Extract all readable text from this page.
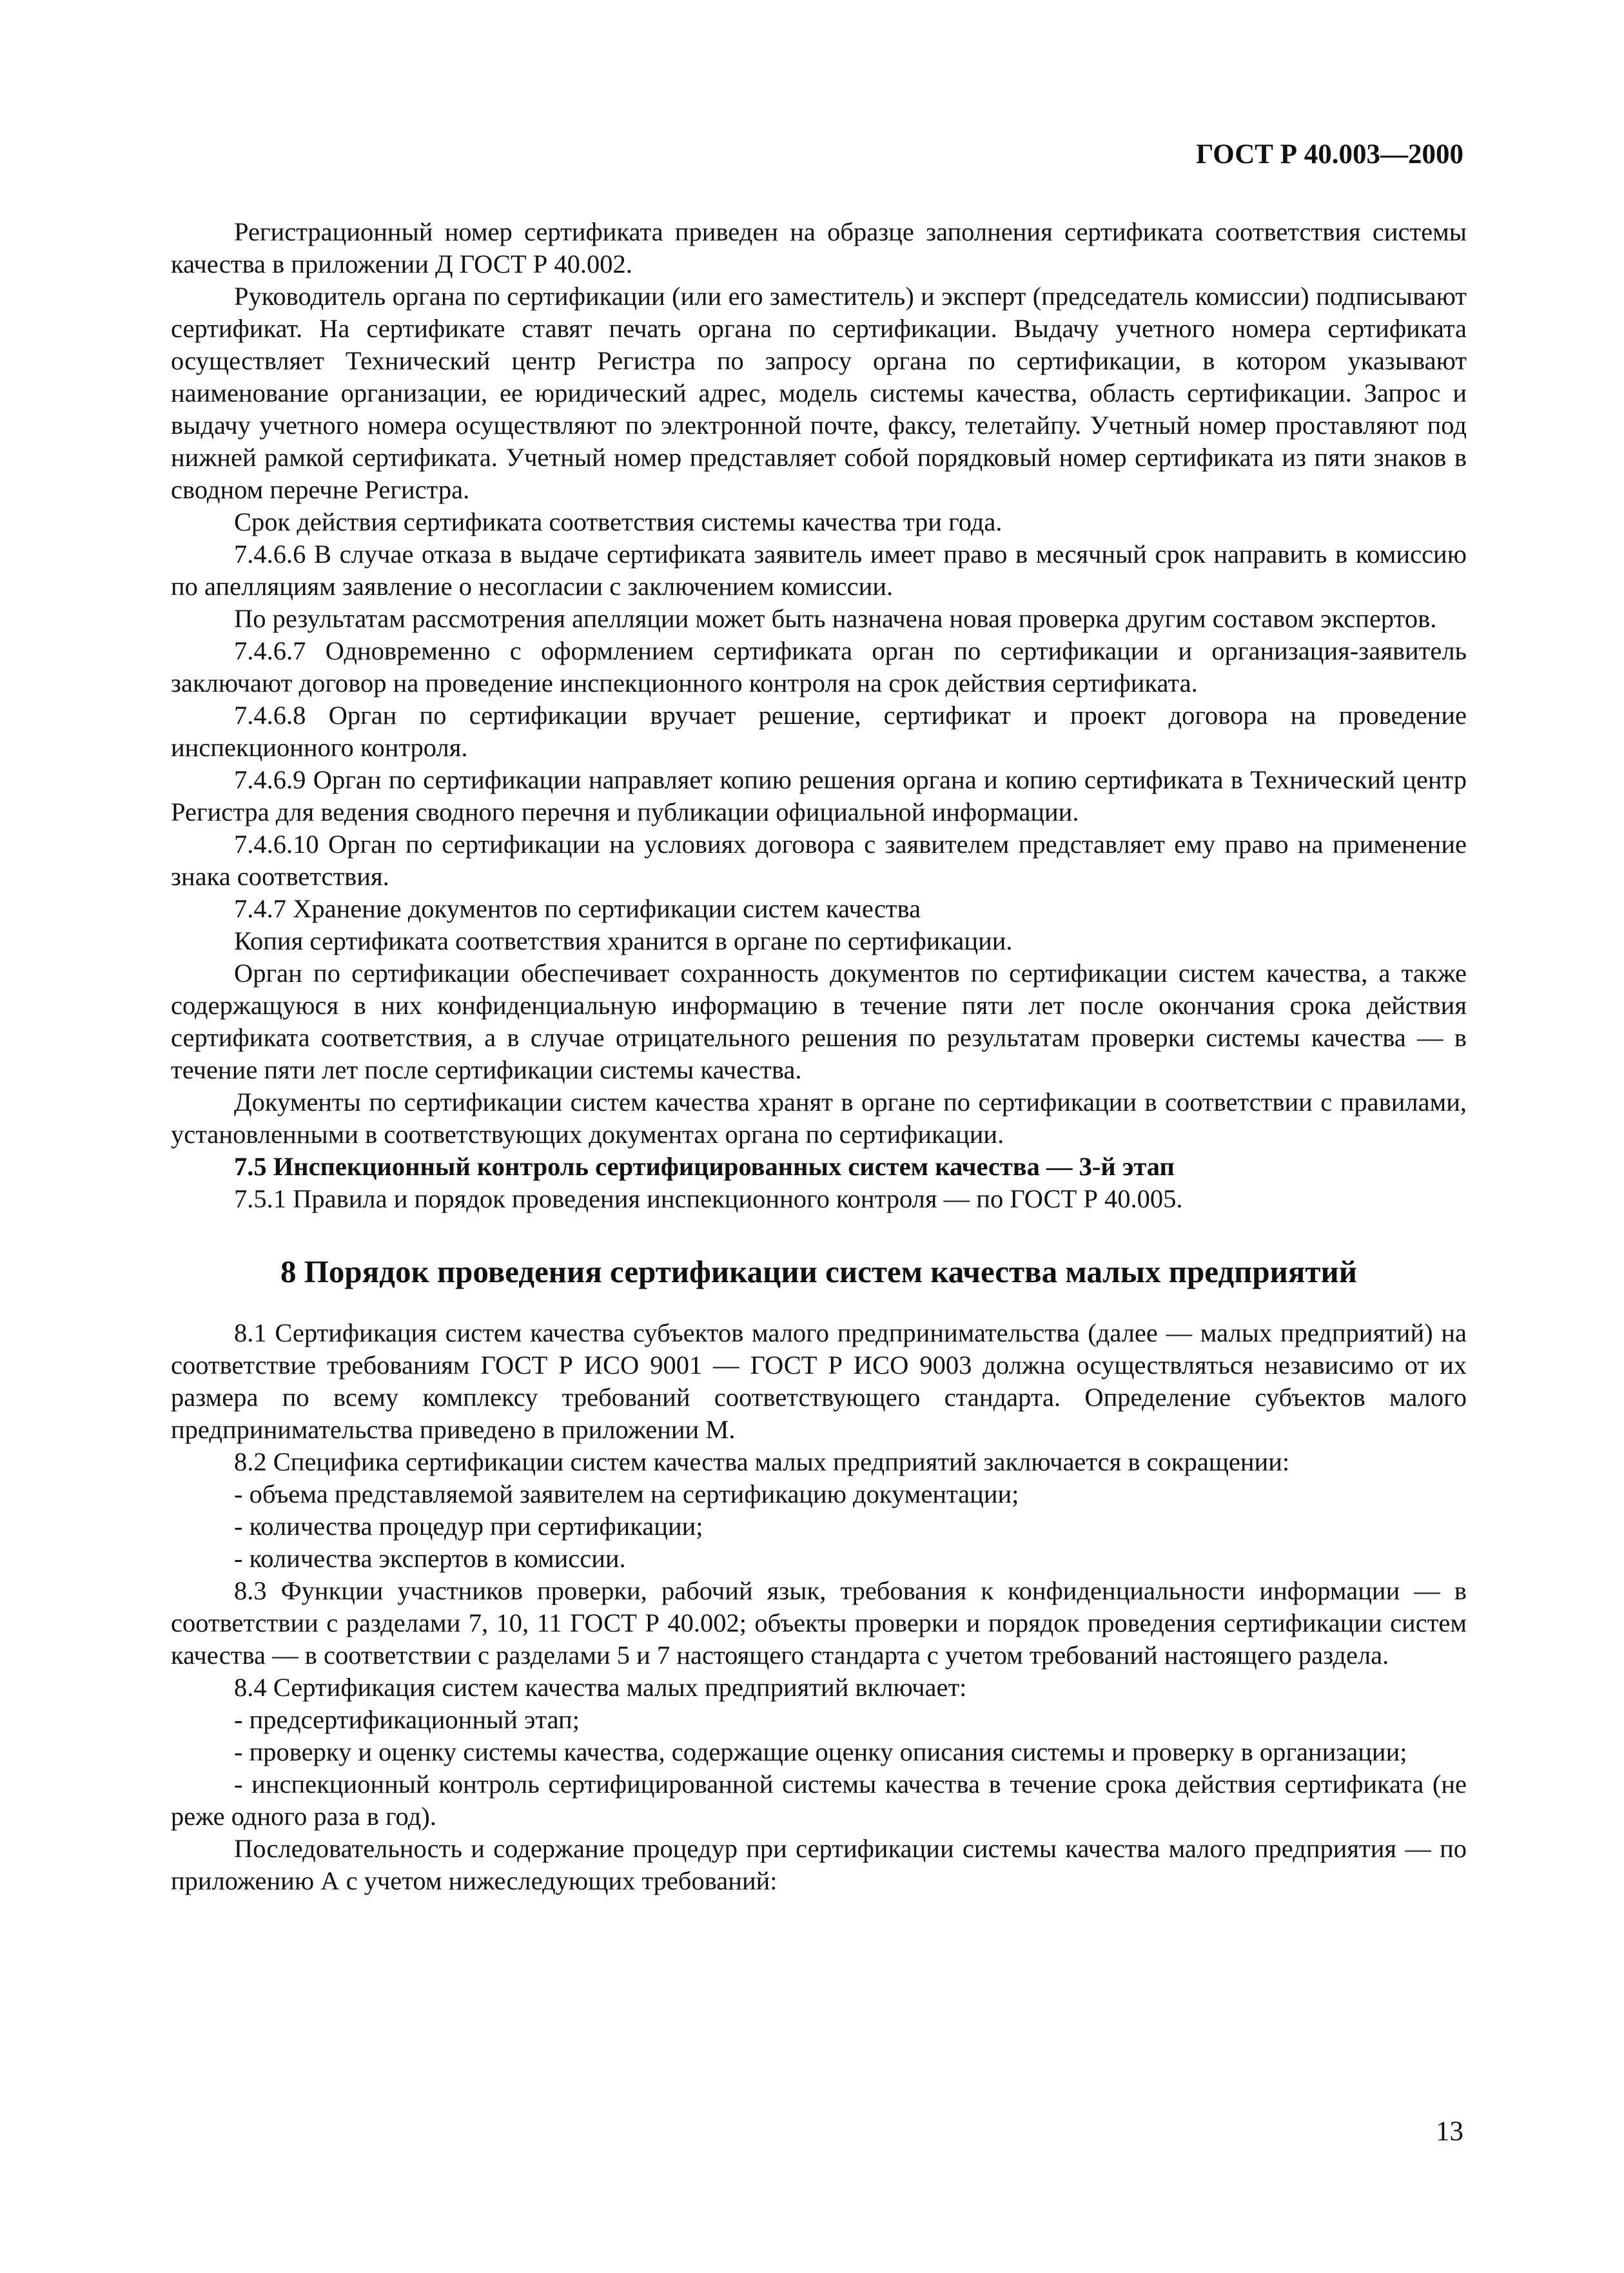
ГОСТ Р 40.003—2000

Регистрационный номер сертификата приведен на образце заполнения сертификата соответствия системы качества в приложении Д ГОСТ Р 40.002.

Руководитель органа по сертификации (или его заместитель) и эксперт (председатель комиссии) подписывают сертификат. На сертификате ставят печать органа по сертификации. Выдачу учетного номера сертификата осуществляет Технический центр Регистра по запросу органа по сертификации, в котором указывают наименование организации, ее юридический адрес, модель системы качества, область сертификации. Запрос и выдачу учетного номера осуществляют по электронной почте, факсу, телетайпу. Учетный номер проставляют под нижней рамкой сертификата. Учетный номер представляет собой порядковый номер сертификата из пяти знаков в сводном перечне Регистра.

Срок действия сертификата соответствия системы качества три года.

7.4.6.6 В случае отказа в выдаче сертификата заявитель имеет право в месячный срок направить в комиссию по апелляциям заявление о несогласии с заключением комиссии.

По результатам рассмотрения апелляции может быть назначена новая проверка другим составом экспертов.

7.4.6.7 Одновременно с оформлением сертификата орган по сертификации и организация-заявитель заключают договор на проведение инспекционного контроля на срок действия сертификата.

7.4.6.8 Орган по сертификации вручает решение, сертификат и проект договора на проведение инспекционного контроля.

7.4.6.9 Орган по сертификации направляет копию решения органа и копию сертификата в Технический центр Регистра для ведения сводного перечня и публикации официальной информации.

7.4.6.10 Орган по сертификации на условиях договора с заявителем представляет ему право на применение знака соответствия.

7.4.7 Хранение документов по сертификации систем качества

Копия сертификата соответствия хранится в органе по сертификации.

Орган по сертификации обеспечивает сохранность документов по сертификации систем качества, а также содержащуюся в них конфиденциальную информацию в течение пяти лет после окончания срока действия сертификата соответствия, а в случае отрицательного решения по результатам проверки системы качества — в течение пяти лет после сертификации системы качества.

Документы по сертификации систем качества хранят в органе по сертификации в соответствии с правилами, установленными в соответствующих документах органа по сертификации.

7.5 Инспекционный контроль сертифицированных систем качества — 3-й этап

7.5.1 Правила и порядок проведения инспекционного контроля — по ГОСТ Р 40.005.

8 Порядок проведения сертификации систем качества малых предприятий

8.1 Сертификация систем качества субъектов малого предпринимательства (далее — малых предприятий) на соответствие требованиям ГОСТ Р ИСО 9001 — ГОСТ Р ИСО 9003 должна осуществляться независимо от их размера по всему комплексу требований соответствующего стандарта. Определение субъектов малого предпринимательства приведено в приложении М.

8.2 Специфика сертификации систем качества малых предприятий заключается в сокращении:

- объема представляемой заявителем на сертификацию документации;

- количества процедур при сертификации;

- количества экспертов в комиссии.

8.3 Функции участников проверки, рабочий язык, требования к конфиденциальности информации — в соответствии с разделами 7, 10, 11 ГОСТ Р 40.002; объекты проверки и порядок проведения сертификации систем качества — в соответствии с разделами 5 и 7 настоящего стандарта с учетом требований настоящего раздела.

8.4 Сертификация систем качества малых предприятий включает:

- предсертификационный этап;

- проверку и оценку системы качества, содержащие оценку описания системы и проверку в организации;

- инспекционный контроль сертифицированной системы качества в течение срока действия сертификата (не реже одного раза в год).

Последовательность и содержание процедур при сертификации системы качества малого предприятия — по приложению А с учетом нижеследующих требований:

13
